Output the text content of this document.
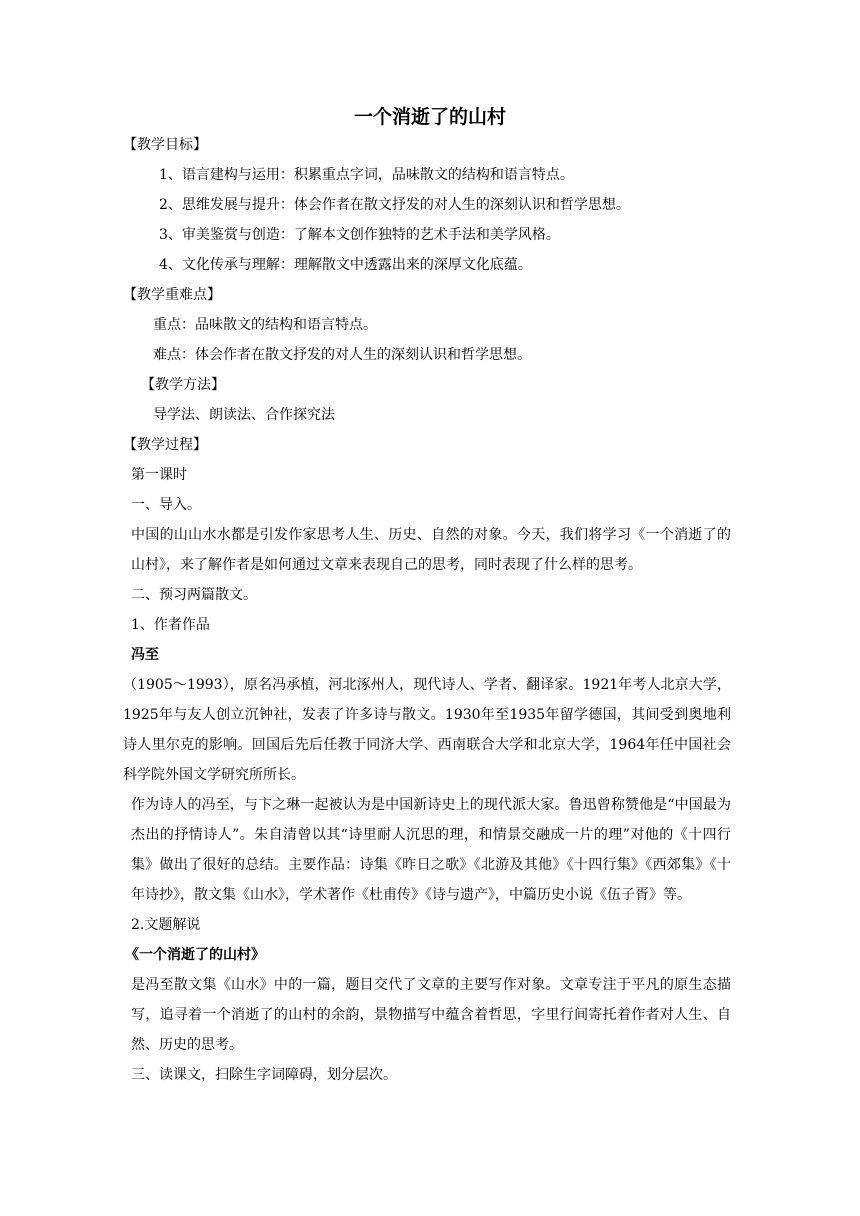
一个消逝了的山村

【教学目标】

1、语言建构与运用：积累重点字词，品味散文的结构和语言特点。

2、思维发展与提升：体会作者在散文抒发的对人生的深刻认识和哲学思想。

3、审美鉴赏与创造：了解本文创作独特的艺术手法和美学风格。

4、文化传承与理解：理解散文中透露出来的深厚文化底蕴。

【教学重难点】

重点：品味散文的结构和语言特点。

难点：体会作者在散文抒发的对人生的深刻认识和哲学思想。

【教学方法】

导学法、朗读法、合作探究法

【教学过程】

第一课时

一、导入。

中国的山山水水都是引发作家思考人生、历史、自然的对象。今天，我们将学习《一个消逝了的山村》，来了解作者是如何通过文章来表现自己的思考，同时表现了什么样的思考。

二、预习两篇散文。

1、作者作品

冯至

（1905～1993），原名冯承植，河北涿州人，现代诗人、学者、翻译家。1921年考人北京大学，1925年与友人创立沉钟社，发表了许多诗与散文。1930年至1935年留学德国，其间受到奥地利诗人里尔克的影响。回国后先后任教于同济大学、西南联合大学和北京大学，1964年任中国社会科学院外国文学研究所所长。

作为诗人的冯至，与卞之琳一起被认为是中国新诗史上的现代派大家。鲁迅曾称赞他是“中国最为杰出的抒情诗人”。朱自清曾以其“诗里耐人沉思的理，和情景交融成一片的理”对他的《十四行集》做出了很好的总结。主要作品：诗集《昨日之歌》《北游及其他》《十四行集》《西郊集》《十年诗抄》，散文集《山水》，学术著作《杜甫传》《诗与遗产》，中篇历史小说《伍子胥》等。

2.文题解说

《一个消逝了的山村》

是冯至散文集《山水》中的一篇，题目交代了文章的主要写作对象。文章专注于平凡的原生态描写，追寻着一个消逝了的山村的余韵，景物描写中蕴含着哲思，字里行间寄托着作者对人生、自然、历史的思考。

三、读课文，扫除生字词障碍，划分层次。
